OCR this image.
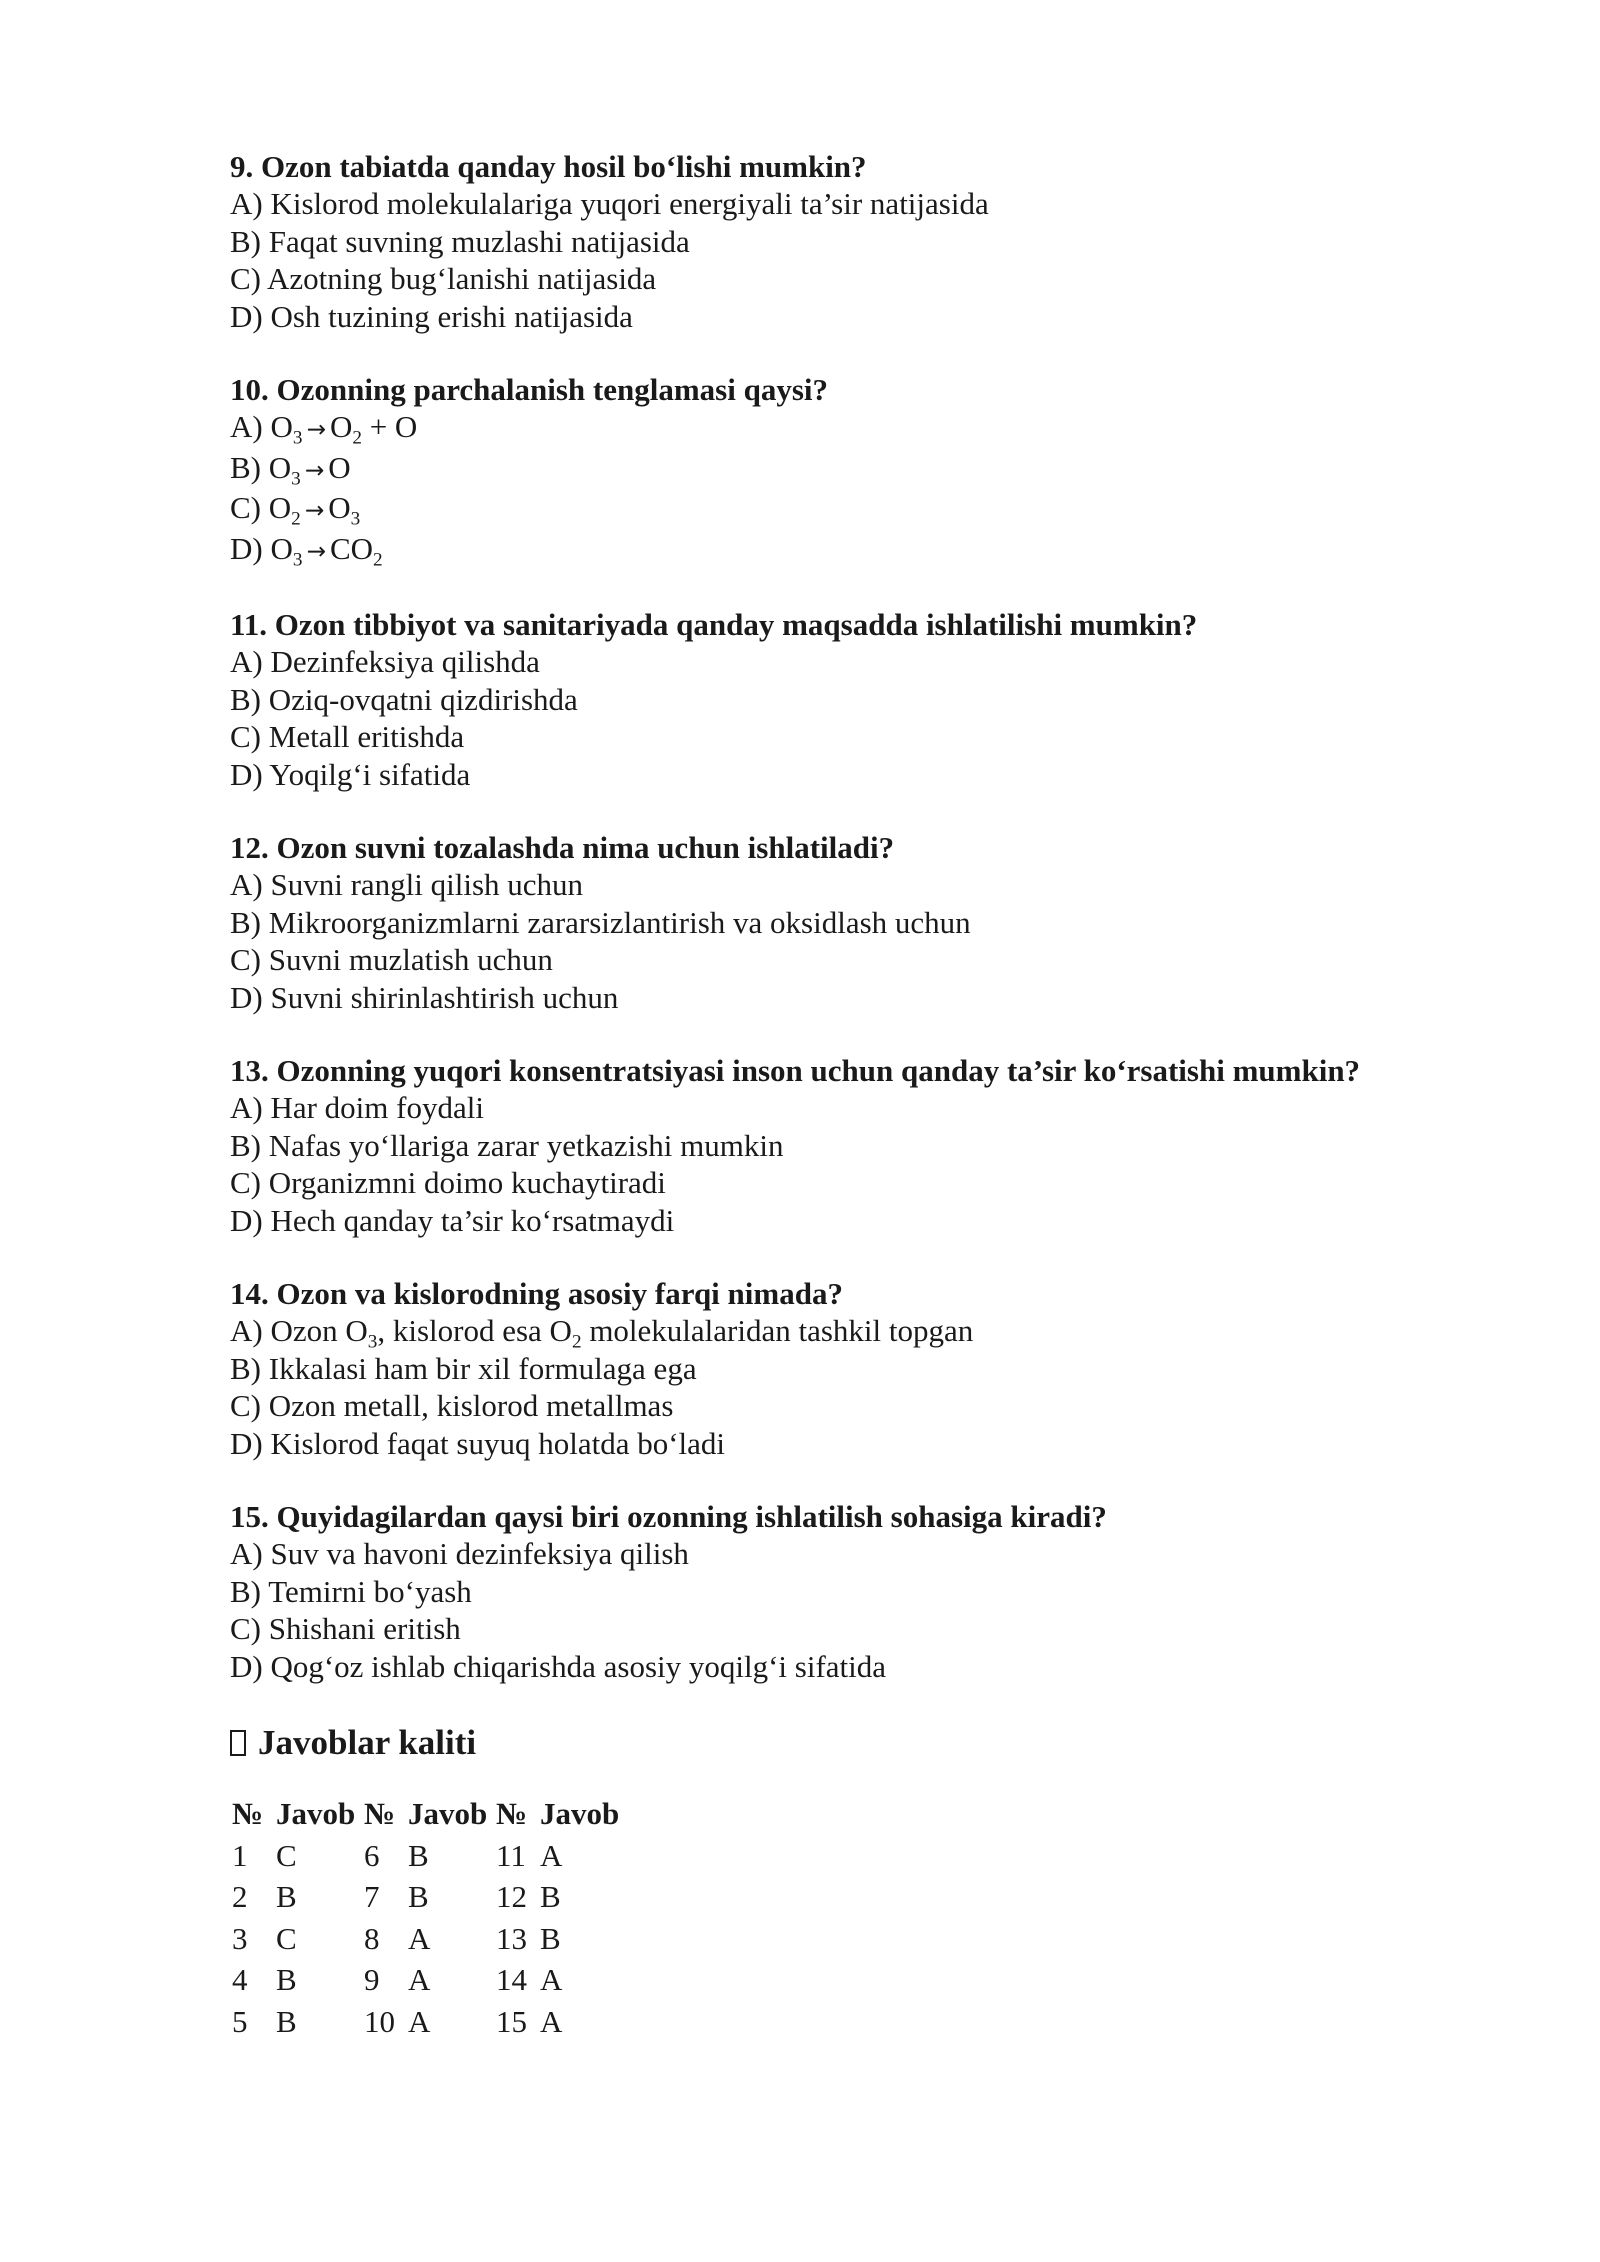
9. Ozon tabiatda qanday hosil bo‘lishi mumkin?

A) Kislorod molekulalariga yuqori energiyali ta’sir natijasida

B) Faqat suvning muzlashi natijasida

C) Azotning bug‘lanishi natijasida

D) Osh tuzining erishi natijasida

10. Ozonning parchalanish tenglamasi qaysi?

A) $O_3 \to O_2 + O$

B) $O_3 \to O$

C) $O_2 \to O_3$

D) $O_3 \to CO_2$

11. Ozon tibbiyot va sanitariyada qanday maqsadda ishlatilishi mumkin?

A) Dezinfeksiya qilishda

B) Oziq-ovqatni qizdirishda

C) Metall eritishda

D) Yoqilg‘i sifatida

12. Ozon suvni tozalashda nima uchun ishlatiladi?

A) Suvni rangli qilish uchun

B) Mikroorganizmlarni zararsizlantirish va oksidlash uchun

C) Suvni muzlatish uchun

D) Suvni shirinlashtirish uchun

13. Ozonning yuqori konsentratsiyasi inson uchun qanday ta’sir ko‘rsatishi mumkin?

A) Har doim foydali

B) Nafas yo‘llariga zarar yetkazishi mumkin

C) Organizmni doimo kuchaytiradi

D) Hech qanday ta’sir ko‘rsatmaydi

14. Ozon va kislorodning asosiy farqi nimada?

A) Ozon $O_3$, kislorod esa $O_2$ molekulalaridan tashkil topgan

B) Ikkalasi ham bir xil formulaga ega

C) Ozon metall, kislorod metallmas

D) Kislorod faqat suyuq holatda bo‘ladi

15. Quyidagilardan qaysi biri ozonning ishlatilish sohasiga kiradi?

A) Suv va havoni dezinfeksiya qilish

B) Temirni bo‘yash

C) Shishani eritish

D) Qog‘oz ishlab chiqarishda asosiy yoqilg‘i sifatida

Javoblar kaliti
№	Javob	№	Javob	№	Javob
1	C	6	B	11	A
2	B	7	B	12	B
3	C	8	A	13	B
4	B	9	A	14	A
5	B	10	A	15	A
